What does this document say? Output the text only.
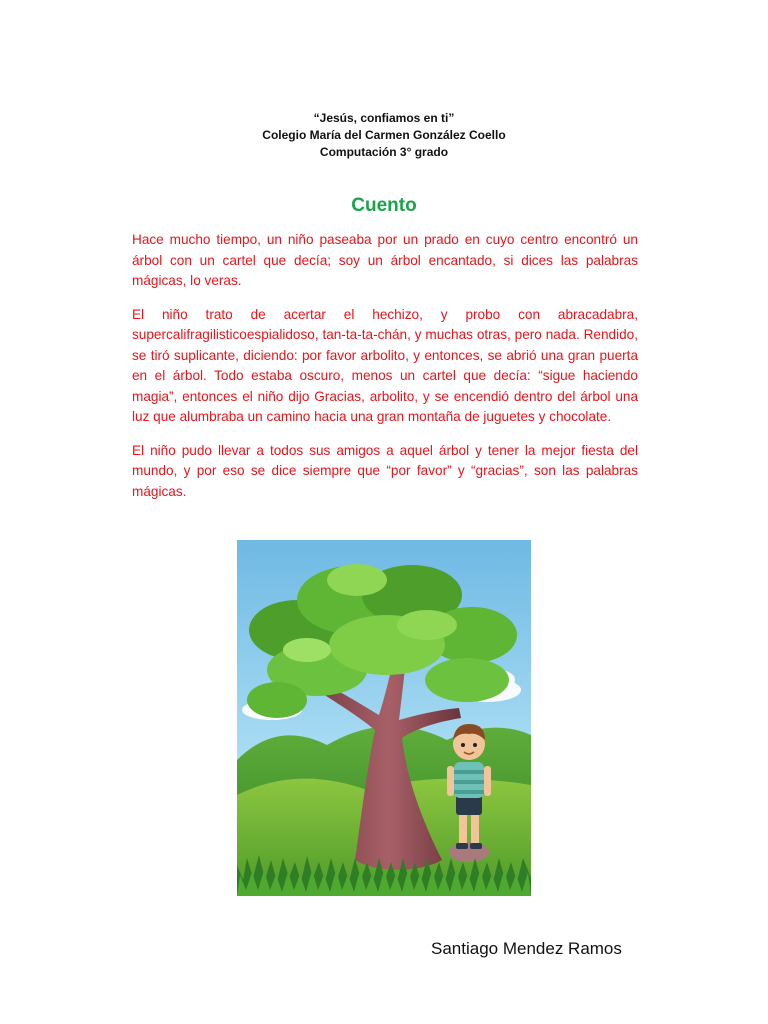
“Jesús, confiamos en ti”
Colegio María del Carmen González Coello
Computación 3° grado
Cuento

Hace mucho tiempo, un niño paseaba por un prado en cuyo centro encontró un árbol con un cartel que decía; soy un árbol encantado, si dices las palabras mágicas, lo veras.

El niño trato de acertar el hechizo, y probo con abracadabra, supercalifragilisticoespialidoso, tan-ta-ta-chán, y muchas otras, pero nada. Rendido, se tiró suplicante, diciendo: por favor arbolito, y entonces, se abrió una gran puerta en el árbol. Todo estaba oscuro, menos un cartel que decía: “sigue haciendo magia”, entonces el niño dijo Gracias, arbolito, y se encendió dentro del árbol una luz que alumbraba un camino hacia una gran montaña de juguetes y chocolate.

El niño pudo llevar a todos sus amigos a aquel árbol y tener la mejor fiesta del mundo, y por eso se dice siempre que “por favor” y “gracias”, son las palabras mágicas.

Santiago Mendez Ramos
